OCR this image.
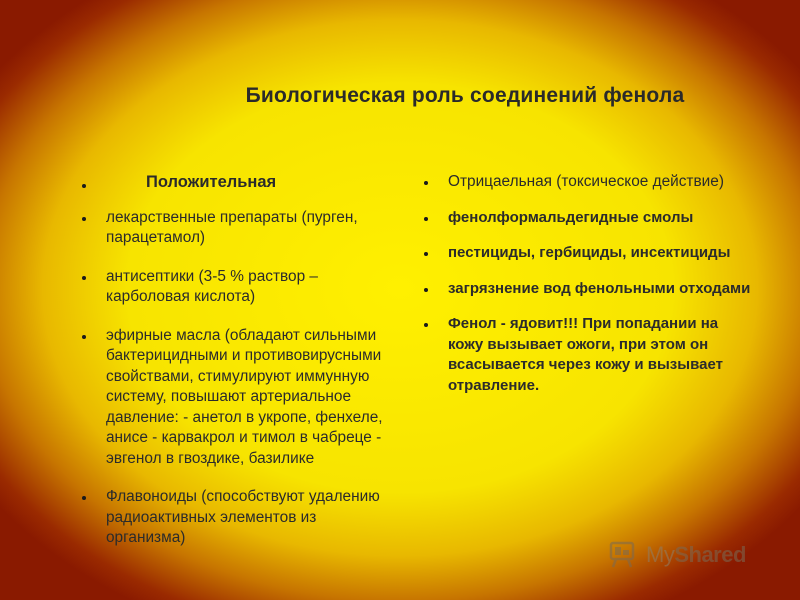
Биологическая роль соединений фенола
Положительная
лекарственные препараты (пурген, парацетамол)
антисептики (3-5 % раствор – карболовая кислота)
эфирные масла (обладают сильными бактерицидными и противовирусными свойствами, стимулируют иммунную систему, повышают артериальное давление: - анетол в укропе, фенхеле, анисе - карвакрол и тимол в чабреце - эвгенол в гвоздике, базилике
Флавоноиды (способствуют удалению радиоактивных элементов из организма)
Отрицаельная (токсическое действие)
фенолформальдегидные смолы
пестициды, гербициды, инсектициды
загрязнение вод фенольными отходами
Фенол - ядовит!!! При попадании на кожу вызывает ожоги, при этом он всасывается через кожу и вызывает отравление.
MyShared
